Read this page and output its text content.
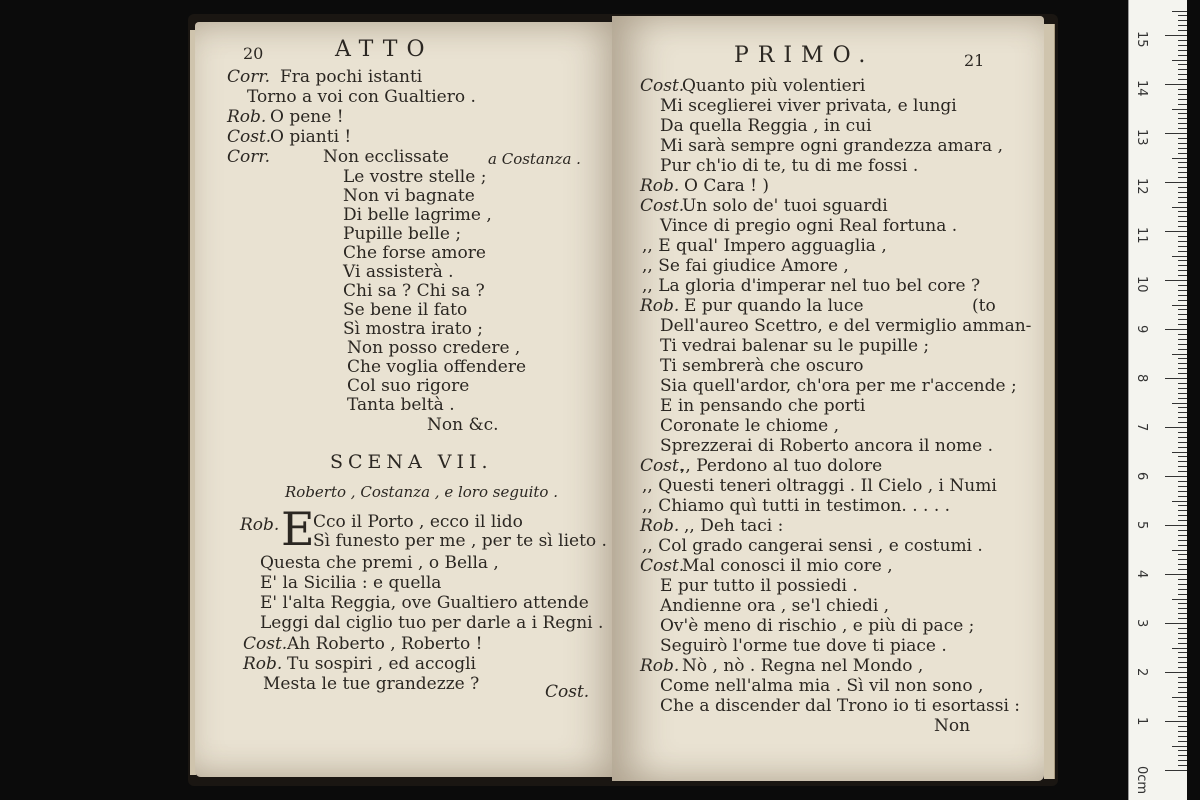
20	ATTO
Corr. Fra pochi istanti
Torno a voi con Gualtiero .
Rob. O pene !
Cost.
O pianti !
Corr.	Non ecclissate	a Costanza .
Le vostre stelle ;
Non vi bagnate
Di belle lagrime ,
Pupille belle ;
Che forse amore
Vi assisterà .
Chi sa ? Chi sa ?
Se bene il fato
Sì mostra irato ;
Non posso credere ,
Che voglia offendere
Col suo rigore
Tanta beltà .
Non &c.
SCENA VII.
Roberto , Costanza , e loro seguito .
Rob. E
Cco il Porto , ecco il lido
Sì funesto per me , per te sì lieto .
Questa che premi , o Bella ,
E' la Sicilia : e quella
E' l'alta Reggia, ove Gualtiero attende
Leggi dal ciglio tuo per darle a i Regni .
Cost. Ah Roberto , Roberto !
Rob. Tu sospiri , ed accogli
Mesta le tue grandezze ?	Cost.
PRIMO.	21
Cost.
Quanto più volentieri
Mi sceglierei viver privata, e lungi
Da quella Reggia , in cui
Mi sarà sempre ogni grandezza amara ,
Pur ch'io di te, tu di me fossi .
Rob. O Cara ! )
Cost.
Un solo de' tuoi sguardi
Vince di pregio ogni Real fortuna .
,, E qual' Impero agguaglia ,
,, Se fai giudice Amore ,
,, La gloria d'imperar nel tuo bel core ?
Rob. E pur quando la luce	(to
Dell'aureo Scettro, e del vermiglio amman-
Ti vedrai balenar su le pupille ;
Ti sembrerà che oscuro
Sia quell'ardor, ch'ora per me r'accende ;
E in pensando che porti
Coronate le chiome ,
Sprezzerai di Roberto ancora il nome .
Cost.
,, Perdono al tuo dolore
,, Questi teneri oltraggi . Il Cielo , i Numi
,, Chiamo quì tutti in testimon. . . . .
Rob. ,, Deh taci :
,, Col grado cangerai sensi , e costumi .
Cost.
Mal conosci il mio core ,
E pur tutto il possiedi .
Andienne ora , se'l chiedi ,
Ov'è meno di rischio , e più di pace ;
Seguirò l'orme tue dove ti piace .
Rob. Nò , nò . Regna nel Mondo ,
Come nell'alma mia . Sì vil non sono ,
Che a discender dal Trono io ti esortassi :
Non
0cm
1
2
3
4
5
6
7
8
9
10
11
12
13
14
15
